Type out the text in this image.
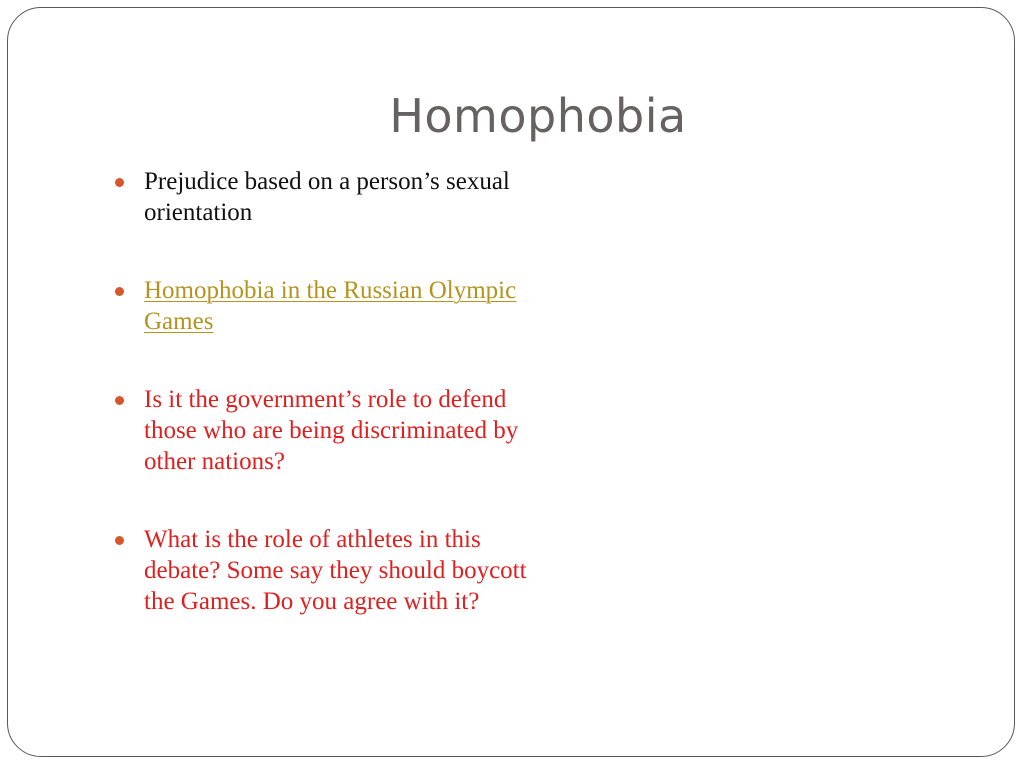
Homophobia
Prejudice based on a person’s sexual orientation
Homophobia in the Russian Olympic Games
Is it the government’s role to defend those who are being discriminated by other nations?
What is the role of athletes in this debate? Some say they should boycott the Games. Do you agree with it?
